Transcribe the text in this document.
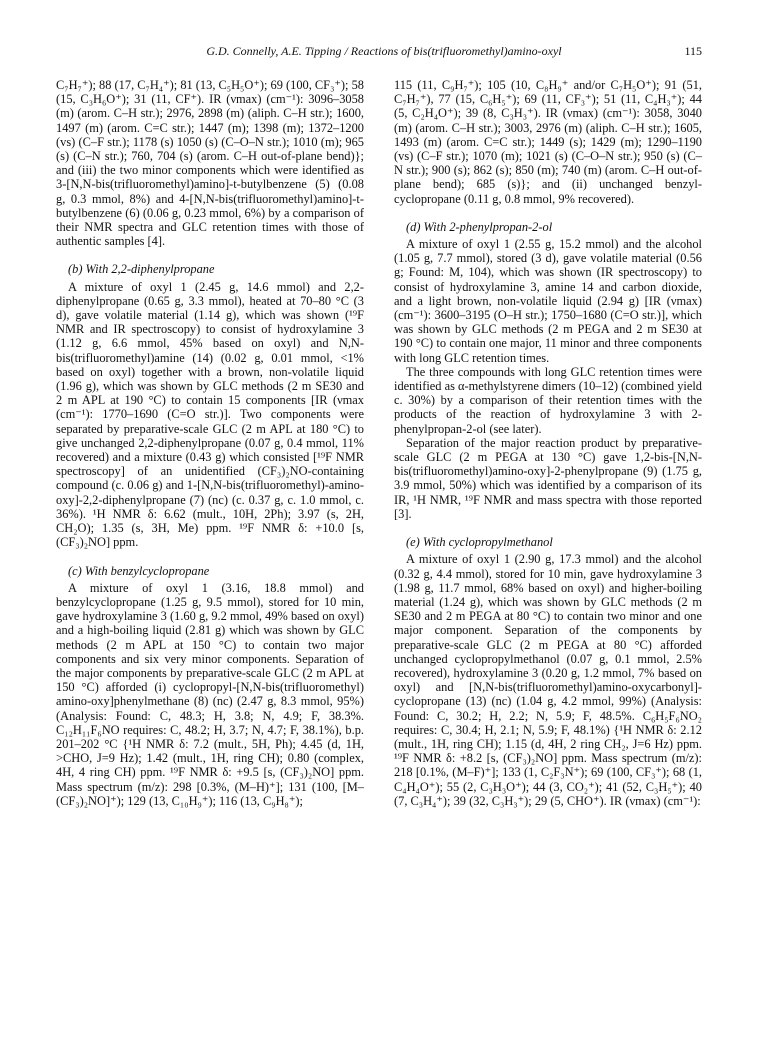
G.D. Connelly, A.E. Tipping / Reactions of bis(trifluoromethyl)amino-oxyl	115

C₇H₇⁺); 88 (17, C₇H₄⁺); 81 (13, C₅H₅O⁺); 69 (100, CF₃⁺); 58 (15, C₃H₆O⁺); 31 (11, CF⁺). IR (νmax) (cm⁻¹): 3096–3058 (m) (arom. C–H str.); 2976, 2898 (m) (aliph. C–H str.); 1600, 1497 (m) (arom. C=C str.); 1447 (m); 1398 (m); 1372–1200 (vs) (C–F str.); 1178 (s) 1050 (s) (C–O–N str.); 1010 (m); 965 (s) (C–N str.); 760, 704 (s) (arom. C–H out-of-plane bend)}; and (iii) the two minor components which were identified as 3-[N,N-bis(trifluoromethyl)amino]-t-butylbenzene (5) (0.08 g, 0.3 mmol, 8%) and 4-[N,N-bis(trifluoromethyl)amino]-t-butylbenzene (6) (0.06 g, 0.23 mmol, 6%) by a comparison of their NMR spectra and GLC retention times with those of authentic samples [4].

(b) With 2,2-diphenylpropane

A mixture of oxyl 1 (2.45 g, 14.6 mmol) and 2,2-diphenylpropane (0.65 g, 3.3 mmol), heated at 70–80 °C (3 d), gave volatile material (1.14 g), which was shown (¹⁹F NMR and IR spectroscopy) to consist of hydroxylamine 3 (1.12 g, 6.6 mmol, 45% based on oxyl) and N,N-bis(trifluoromethyl)amine (14) (0.02 g, 0.01 mmol, <1% based on oxyl) together with a brown, non-volatile liquid (1.96 g), which was shown by GLC methods (2 m SE30 and 2 m APL at 190 °C) to contain 15 components [IR (νmax (cm⁻¹): 1770–1690 (C=O str.)]. Two components were separated by preparative-scale GLC (2 m APL at 180 °C) to give unchanged 2,2-diphenylpropane (0.07 g, 0.4 mmol, 11% recovered) and a mixture (0.43 g) which consisted [¹⁹F NMR spectroscopy] of an unidentified (CF₃)₂NO-containing compound (c. 0.06 g) and 1-[N,N-bis(trifluoromethyl)-amino-oxy]-2,2-diphenylpropane (7) (nc) (c. 0.37 g, c. 1.0 mmol, c. 36%). ¹H NMR δ: 6.62 (mult., 10H, 2Ph); 3.97 (s, 2H, CH₂O); 1.35 (s, 3H, Me) ppm. ¹⁹F NMR δ: +10.0 [s, (CF₃)₂NO] ppm.

(c) With benzylcyclopropane

A mixture of oxyl 1 (3.16, 18.8 mmol) and benzylcyclopropane (1.25 g, 9.5 mmol), stored for 10 min, gave hydroxylamine 3 (1.60 g, 9.2 mmol, 49% based on oxyl) and a high-boiling liquid (2.81 g) which was shown by GLC methods (2 m APL at 150 °C) to contain two major components and six very minor components. Separation of the major components by preparative-scale GLC (2 m APL at 150 °C) afforded (i) cyclopropyl-[N,N-bis(trifluoromethyl) amino-oxy]phenylmethane (8) (nc) (2.47 g, 8.3 mmol, 95%) (Analysis: Found: C, 48.3; H, 3.8; N, 4.9; F, 38.3%. C₁₂H₁₁F₆NO requires: C, 48.2; H, 3.7; N, 4.7; F, 38.1%), b.p. 201–202 °C {¹H NMR δ: 7.2 (mult., 5H, Ph); 4.45 (d, 1H, >CHO, J=9 Hz); 1.42 (mult., 1H, ring CH); 0.80 (complex, 4H, 4 ring CH) ppm. ¹⁹F NMR δ: +9.5 [s, (CF₃)₂NO] ppm. Mass spectrum (m/z): 298 [0.3%, (M–H)⁺]; 131 (100, [M–(CF₃)₂NO]⁺); 129 (13, C₁₀H₉⁺); 116 (13, C₉H₈⁺);

115 (11, C₉H₇⁺); 105 (10, C₈H₉⁺ and/or C₇H₅O⁺); 91 (51, C₇H₇⁺), 77 (15, C₆H₅⁺); 69 (11, CF₃⁺); 51 (11, C₄H₃⁺); 44 (5, C₂H₄O⁺); 39 (8, C₃H₃⁺). IR (νmax) (cm⁻¹): 3058, 3040 (m) (arom. C–H str.); 3003, 2976 (m) (aliph. C–H str.); 1605, 1493 (m) (arom. C=C str.); 1449 (s); 1429 (m); 1290–1190 (vs) (C–F str.); 1070 (m); 1021 (s) (C–O–N str.); 950 (s) (C–N str.); 900 (s); 862 (s); 850 (m); 740 (m) (arom. C–H out-of-plane bend); 685 (s)}; and (ii) unchanged benzyl-cyclopropane (0.11 g, 0.8 mmol, 9% recovered).

(d) With 2-phenylpropan-2-ol

A mixture of oxyl 1 (2.55 g, 15.2 mmol) and the alcohol (1.05 g, 7.7 mmol), stored (3 d), gave volatile material (0.56 g; Found: M, 104), which was shown (IR spectroscopy) to consist of hydroxylamine 3, amine 14 and carbon dioxide, and a light brown, non-volatile liquid (2.94 g) [IR (νmax) (cm⁻¹): 3600–3195 (O–H str.); 1750–1680 (C=O str.)], which was shown by GLC methods (2 m PEGA and 2 m SE30 at 190 °C) to contain one major, 11 minor and three components with long GLC retention times.

The three compounds with long GLC retention times were identified as α-methylstyrene dimers (10–12) (combined yield c. 30%) by a comparison of their retention times with the products of the reaction of hydroxylamine 3 with 2-phenylpropan-2-ol (see later).

Separation of the major reaction product by preparative-scale GLC (2 m PEGA at 130 °C) gave 1,2-bis-[N,N-bis(trifluoromethyl)amino-oxy]-2-phenylpropane (9) (1.75 g, 3.9 mmol, 50%) which was identified by a comparison of its IR, ¹H NMR, ¹⁹F NMR and mass spectra with those reported [3].

(e) With cyclopropylmethanol

A mixture of oxyl 1 (2.90 g, 17.3 mmol) and the alcohol (0.32 g, 4.4 mmol), stored for 10 min, gave hydroxylamine 3 (1.98 g, 11.7 mmol, 68% based on oxyl) and higher-boiling material (1.24 g), which was shown by GLC methods (2 m SE30 and 2 m PEGA at 80 °C) to contain two minor and one major component. Separation of the components by preparative-scale GLC (2 m PEGA at 80 °C) afforded unchanged cyclopropylmethanol (0.07 g, 0.1 mmol, 2.5% recovered), hydroxylamine 3 (0.20 g, 1.2 mmol, 7% based on oxyl) and [N,N-bis(trifluoromethyl)amino-oxycarbonyl]-cyclopropane (13) (nc) (1.04 g, 4.2 mmol, 99%) (Analysis: Found: C, 30.2; H, 2.2; N, 5.9; F, 48.5%. C₆H₅F₆NO₂ requires: C, 30.4; H, 2.1; N, 5.9; F, 48.1%) {¹H NMR δ: 2.12 (mult., 1H, ring CH); 1.15 (d, 4H, 2 ring CH₂, J=6 Hz) ppm. ¹⁹F NMR δ: +8.2 [s, (CF₃)₂NO] ppm. Mass spectrum (m/z): 218 [0.1%, (M–F)⁺]; 133 (1, C₂F₃N⁺); 69 (100, CF₃⁺); 68 (1, C₄H₄O⁺); 55 (2, C₃H₃O⁺); 44 (3, CO₂⁺); 41 (52, C₃H₅⁺); 40 (7, C₃H₄⁺); 39 (32, C₃H₃⁺); 29 (5, CHO⁺). IR (νmax) (cm⁻¹):
